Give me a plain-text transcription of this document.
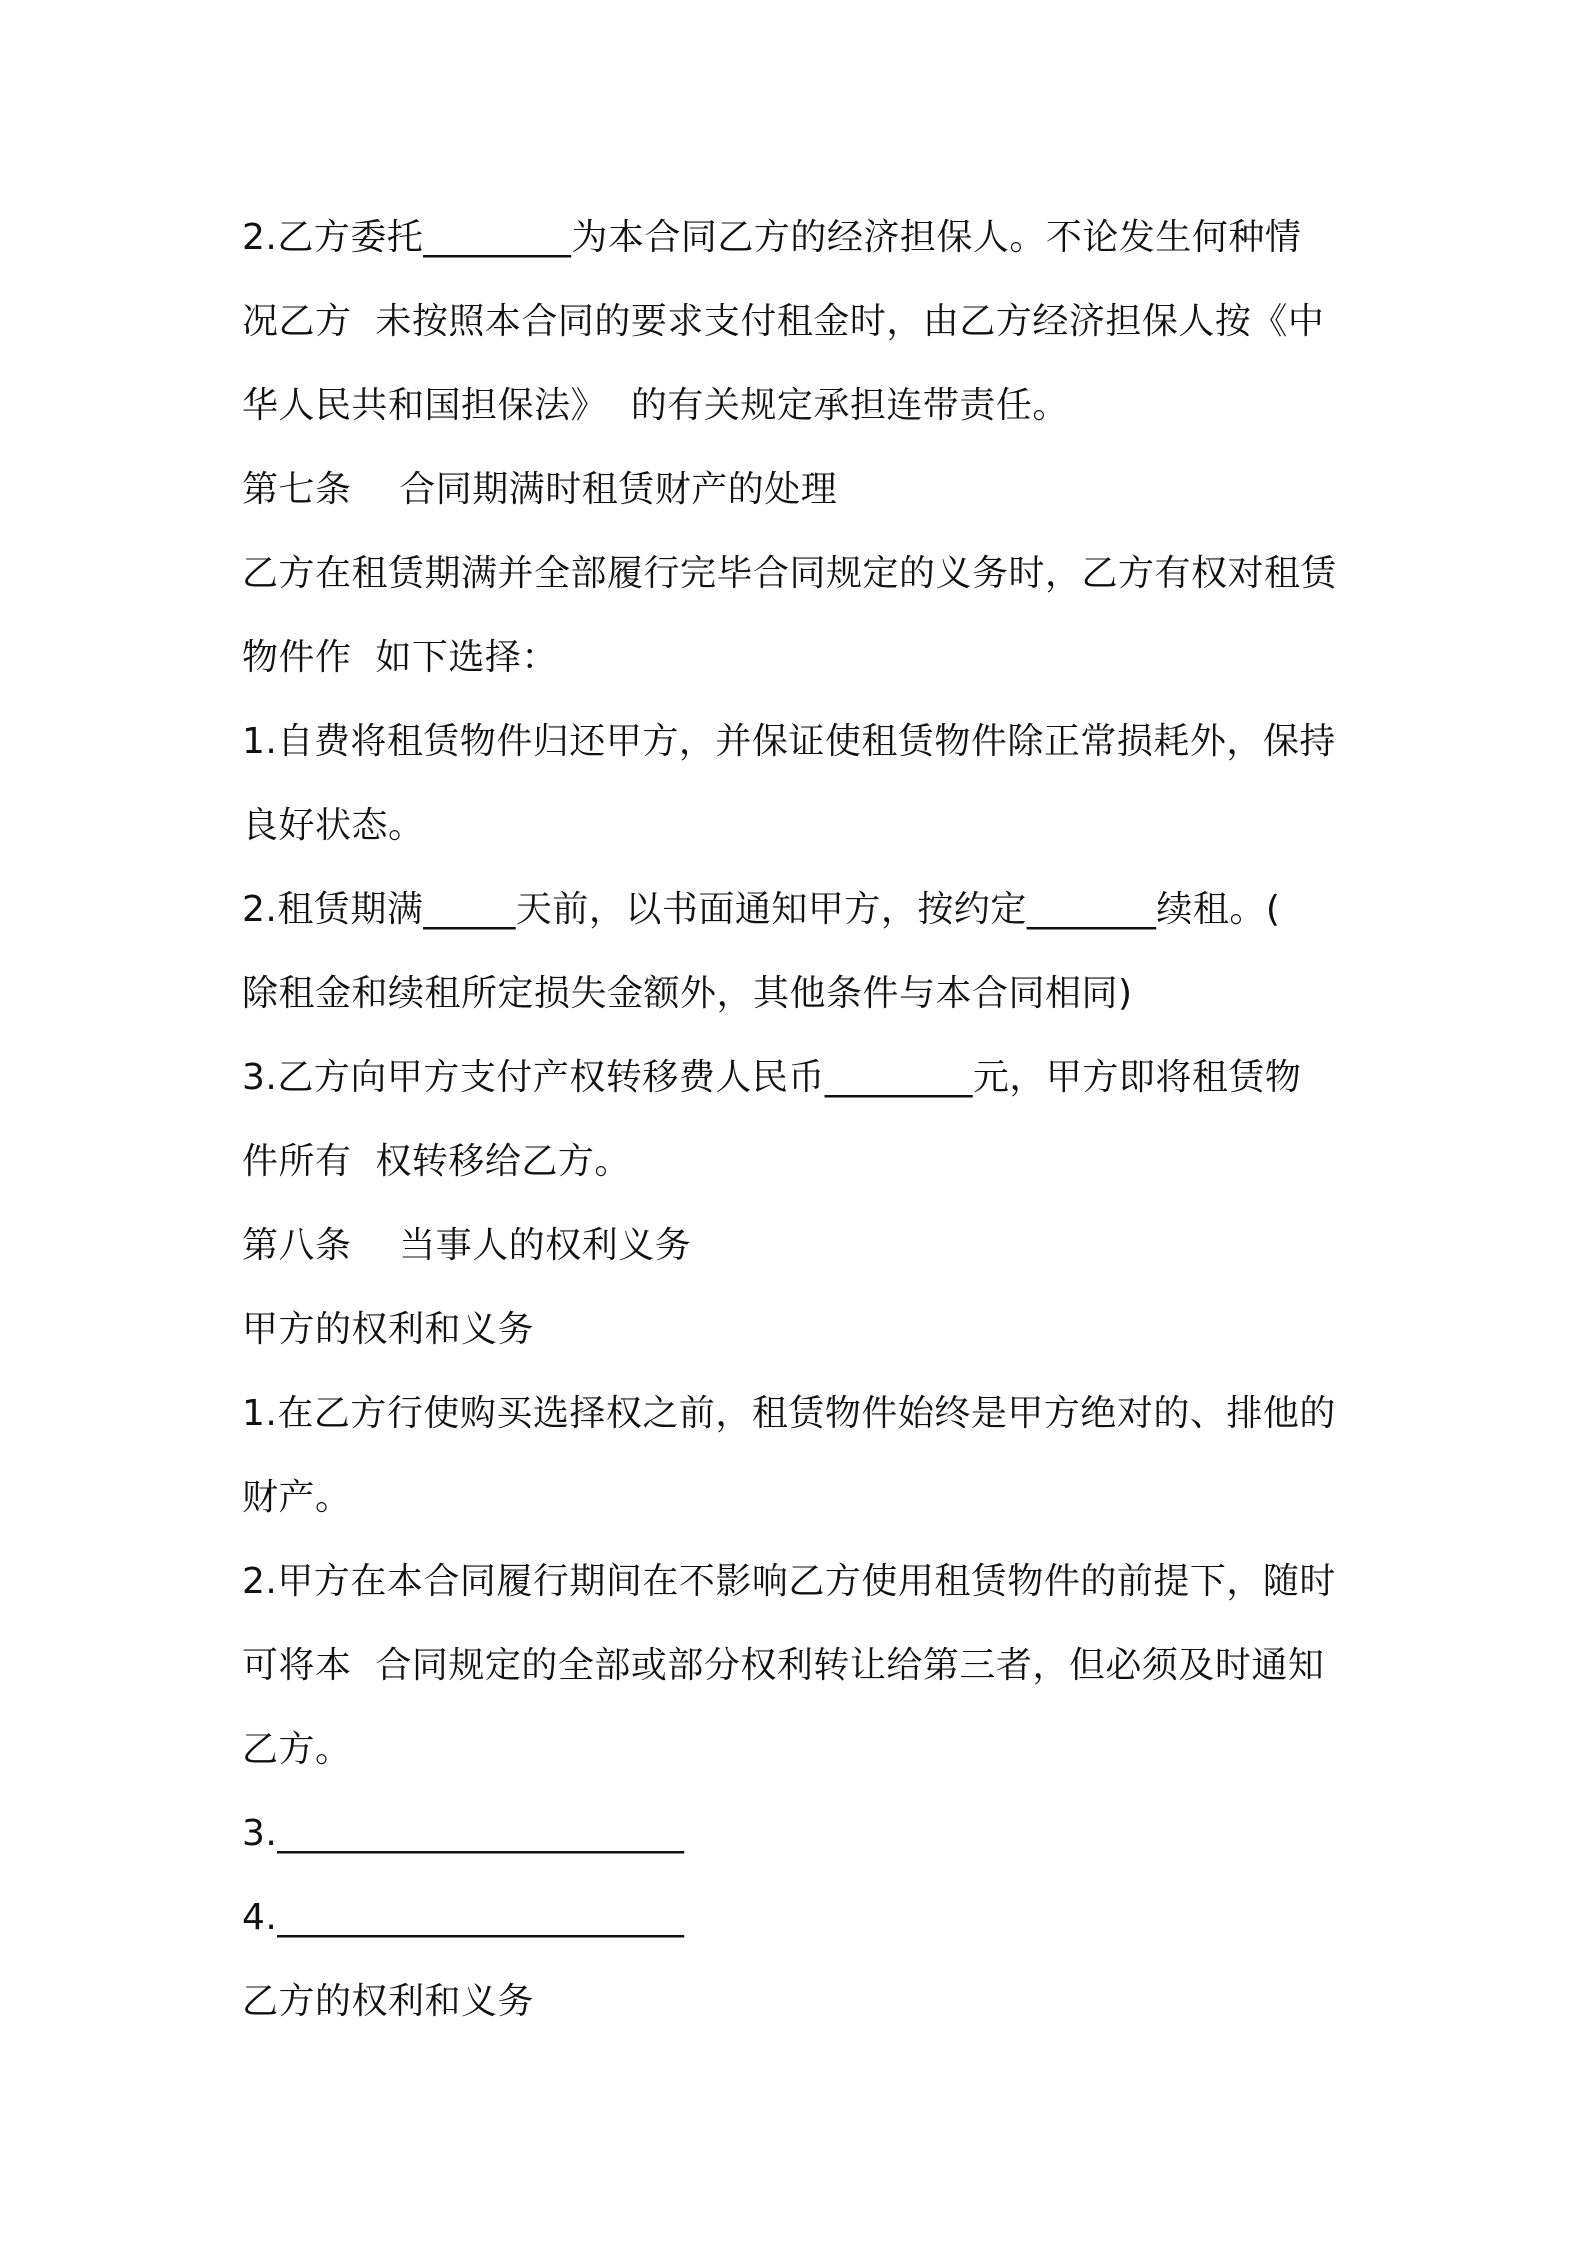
2.乙方委托________为本合同乙方的经济担保人。不论发生何种情
况乙方  未按照本合同的要求支付租金时，由乙方经济担保人按《中
华人民共和国担保法》  的有关规定承担连带责任。
第七条    合同期满时租赁财产的处理
乙方在租赁期满并全部履行完毕合同规定的义务时，乙方有权对租赁
物件作  如下选择：
1.自费将租赁物件归还甲方，并保证使租赁物件除正常损耗外，保持
良好状态。
2.租赁期满_____天前，以书面通知甲方，按约定_______续租。(
除租金和续租所定损失金额外，其他条件与本合同相同)
3.乙方向甲方支付产权转移费人民币________元，甲方即将租赁物
件所有  权转移给乙方。
第八条    当事人的权利义务
甲方的权利和义务
1.在乙方行使购买选择权之前，租赁物件始终是甲方绝对的、排他的
财产。
2.甲方在本合同履行期间在不影响乙方使用租赁物件的前提下，随时
可将本  合同规定的全部或部分权利转让给第三者，但必须及时通知
乙方。
3.______________________
4.______________________
乙方的权利和义务
